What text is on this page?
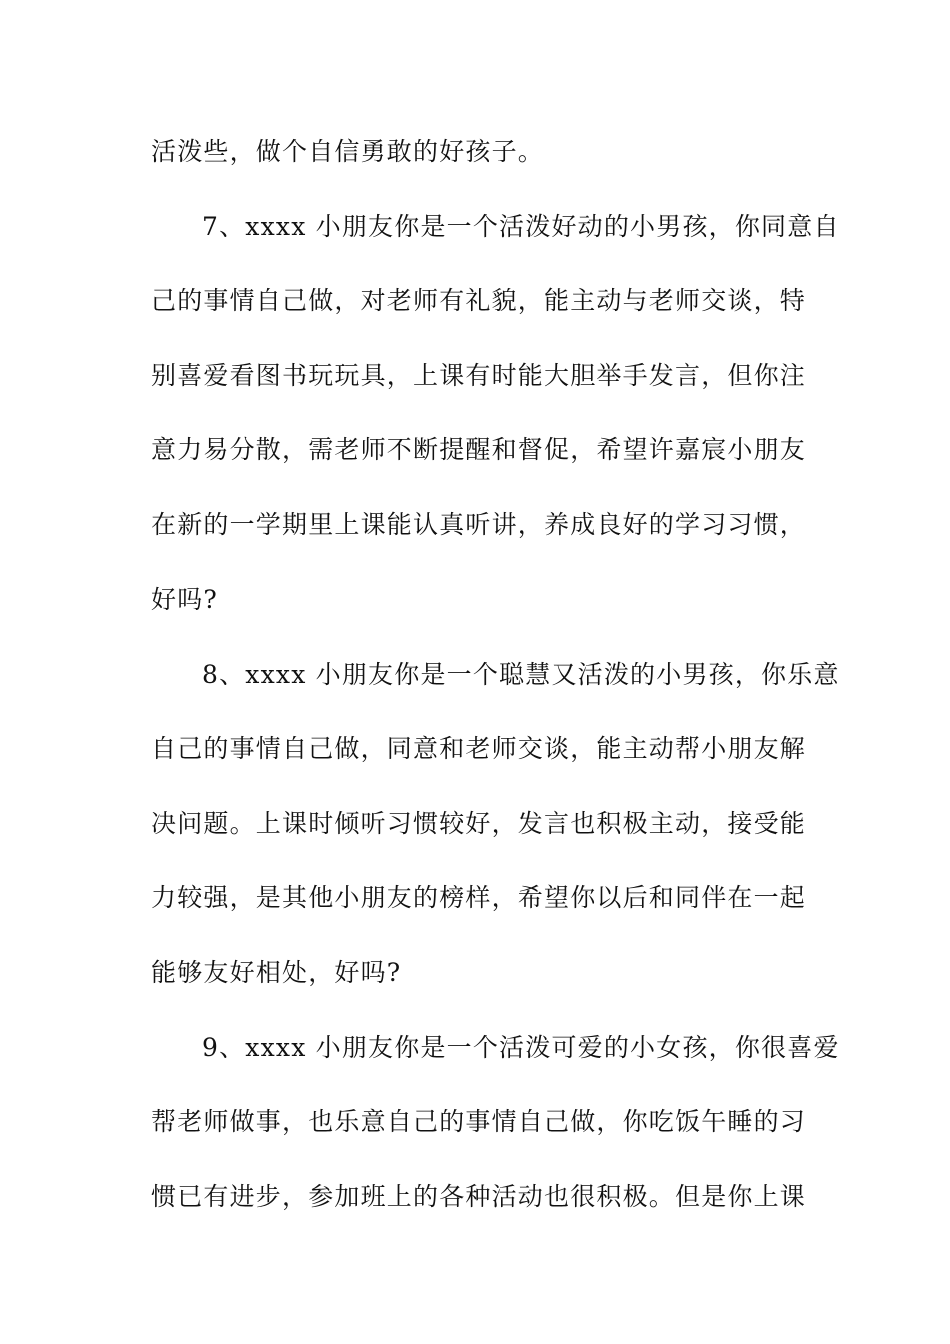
活泼些，做个自信勇敢的好孩子。
7、xxxx 小朋友你是一个活泼好动的小男孩，你同意自
己的事情自己做，对老师有礼貌，能主动与老师交谈，特
别喜爱看图书玩玩具，上课有时能大胆举手发言，但你注
意力易分散，需老师不断提醒和督促，希望许嘉宸小朋友
在新的一学期里上课能认真听讲，养成良好的学习习惯，
好吗?
8、xxxx 小朋友你是一个聪慧又活泼的小男孩，你乐意
自己的事情自己做，同意和老师交谈，能主动帮小朋友解
决问题。上课时倾听习惯较好，发言也积极主动，接受能
力较强，是其他小朋友的榜样，希望你以后和同伴在一起
能够友好相处，好吗?
9、xxxx 小朋友你是一个活泼可爱的小女孩，你很喜爱
帮老师做事，也乐意自己的事情自己做，你吃饭午睡的习
惯已有进步，参加班上的各种活动也很积极。但是你上课
